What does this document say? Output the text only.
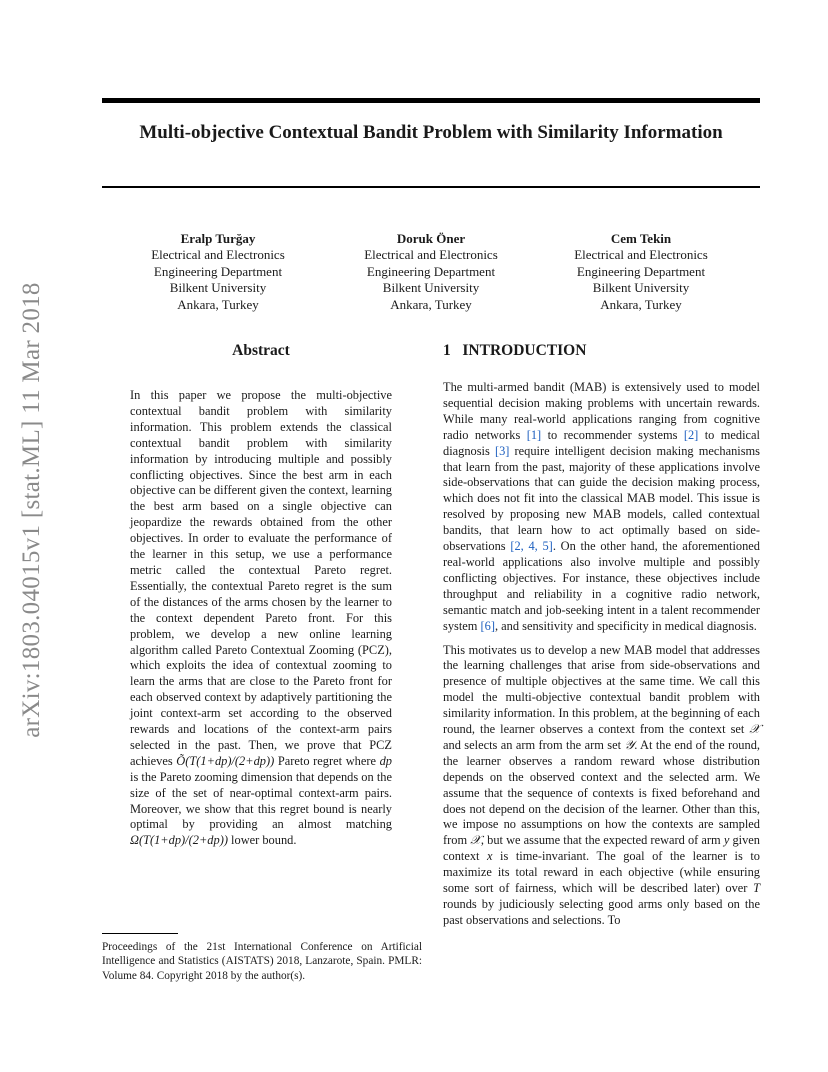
Multi-objective Contextual Bandit Problem with Similarity Information
arXiv:1803.04015v1 [stat.ML] 11 Mar 2018
Eralp Turğay
Electrical and Electronics
Engineering Department
Bilkent University
Ankara, Turkey
Doruk Öner
Electrical and Electronics
Engineering Department
Bilkent University
Ankara, Turkey
Cem Tekin
Electrical and Electronics
Engineering Department
Bilkent University
Ankara, Turkey
Abstract	1   INTRODUCTION

In this paper we propose the multi-objective contextual bandit problem with similarity information. This problem extends the classical contextual bandit problem with similarity information by introducing multiple and possibly conflicting objectives. Since the best arm in each objective can be different given the context, learning the best arm based on a single objective can jeopardize the rewards obtained from the other objectives. In order to evaluate the performance of the learner in this setup, we use a performance metric called the contextual Pareto regret. Essentially, the contextual Pareto regret is the sum of the distances of the arms chosen by the learner to the context dependent Pareto front. For this problem, we develop a new online learning algorithm called Pareto Contextual Zooming (PCZ), which exploits the idea of contextual zooming to learn the arms that are close to the Pareto front for each observed context by adaptively partitioning the joint context-arm set according to the observed rewards and locations of the context-arm pairs selected in the past. Then, we prove that PCZ achieves Õ(T(1+dp)/(2+dp)) Pareto regret where dp is the Pareto zooming dimension that depends on the size of the set of near-optimal context-arm pairs. Moreover, we show that this regret bound is nearly optimal by providing an almost matching Ω(T(1+dp)/(2+dp)) lower bound.

The multi-armed bandit (MAB) is extensively used to model sequential decision making problems with uncertain rewards. While many real-world applications ranging from cognitive radio networks [1] to recommender systems [2] to medical diagnosis [3] require intelligent decision making mechanisms that learn from the past, majority of these applications involve side-observations that can guide the decision making process, which does not fit into the classical MAB model. This issue is resolved by proposing new MAB models, called contextual bandits, that learn how to act optimally based on side-observations [2, 4, 5]. On the other hand, the aforementioned real-world applications also involve multiple and possibly conflicting objectives. For instance, these objectives include throughput and reliability in a cognitive radio network, semantic match and job-seeking intent in a talent recommender system [6], and sensitivity and specificity in medical diagnosis.

This motivates us to develop a new MAB model that addresses the learning challenges that arise from side-observations and presence of multiple objectives at the same time. We call this model the multi-objective contextual bandit problem with similarity information. In this problem, at the beginning of each round, the learner observes a context from the context set 𝒳 and selects an arm from the arm set 𝒴. At the end of the round, the learner observes a random reward whose distribution depends on the observed context and the selected arm. We assume that the sequence of contexts is fixed beforehand and does not depend on the decision of the learner. Other than this, we impose no assumptions on how the contexts are sampled from 𝒳, but we assume that the expected reward of arm y given context x is time-invariant. The goal of the learner is to maximize its total reward in each objective (while ensuring some sort of fairness, which will be described later) over T rounds by judiciously selecting good arms only based on the past observations and selections. To

Proceedings of the 21st International Conference on Artificial Intelligence and Statistics (AISTATS) 2018, Lanzarote, Spain. PMLR: Volume 84. Copyright 2018 by the author(s).
